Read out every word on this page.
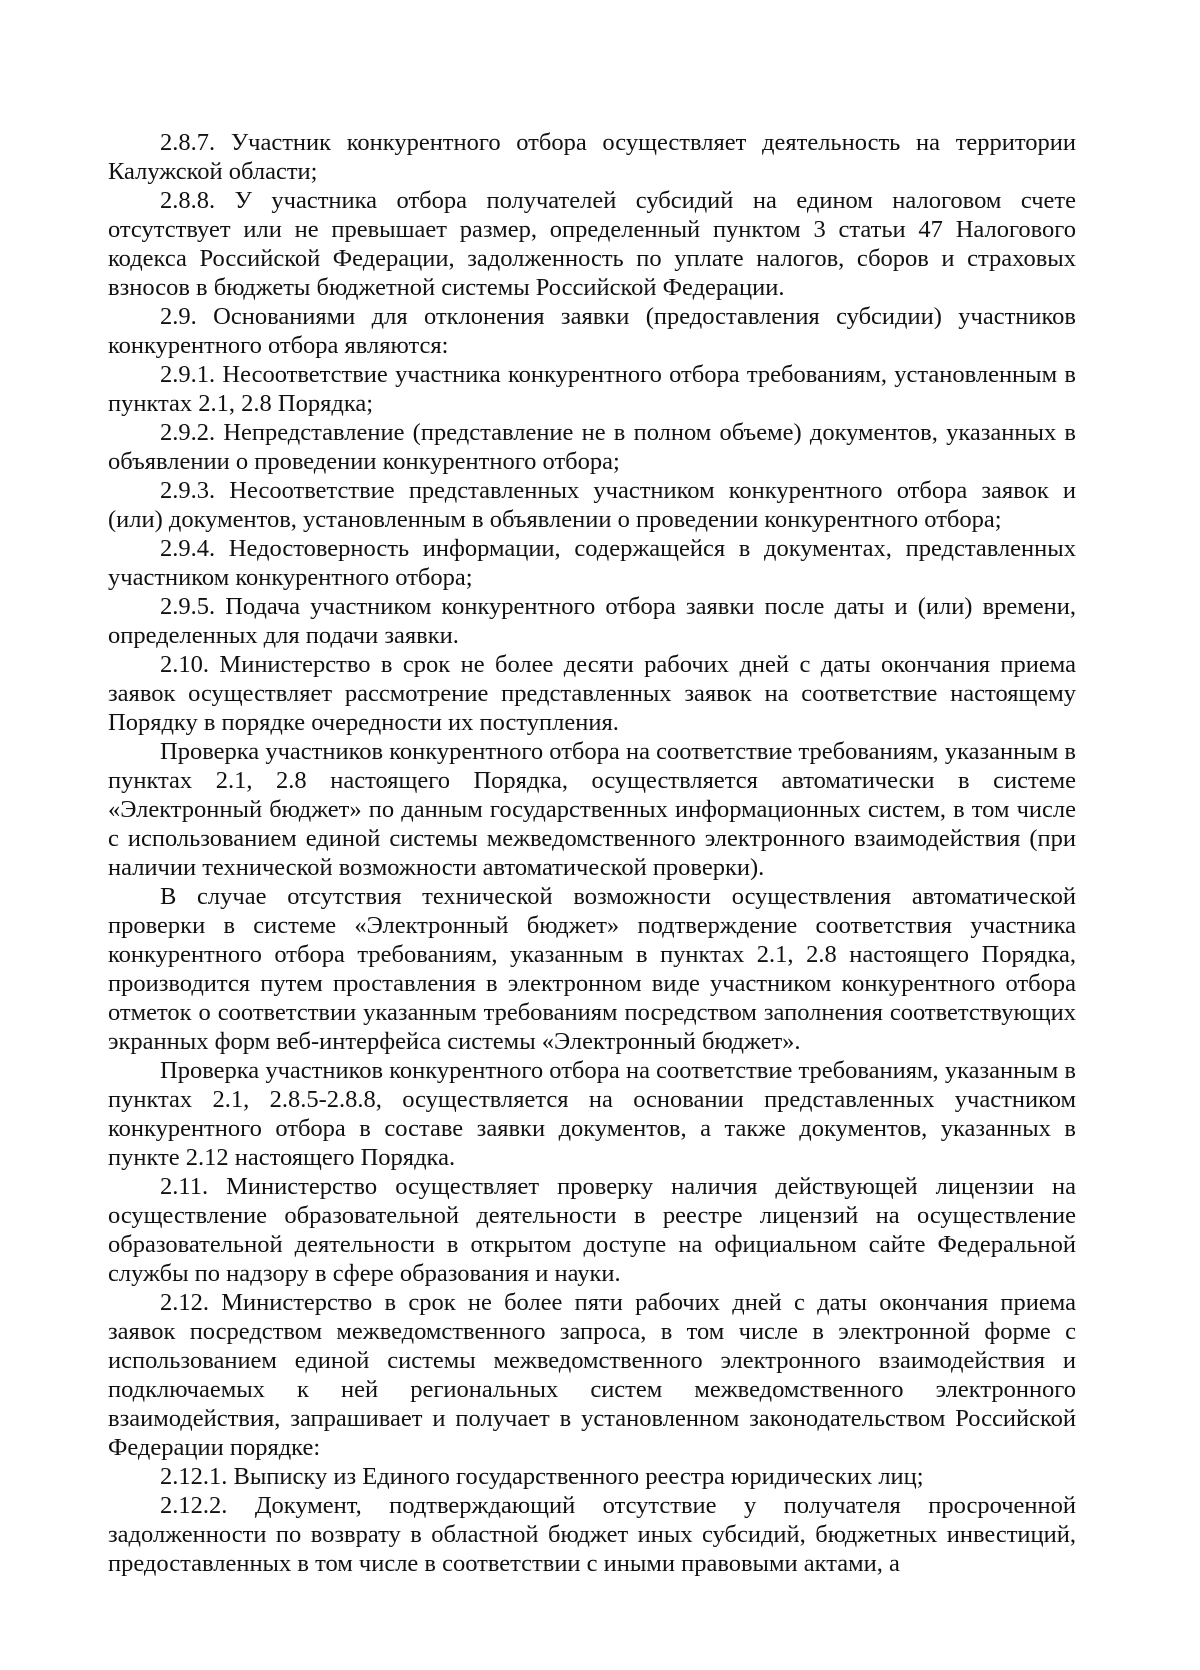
2.8.7. Участник конкурентного отбора осуществляет деятельность на территории Калужской области;

2.8.8. У участника отбора получателей субсидий на едином налоговом счете отсутствует или не превышает размер, определенный пунктом 3 статьи 47 Налогового кодекса Российской Федерации, задолженность по уплате налогов, сборов и страховых взносов в бюджеты бюджетной системы Российской Федерации.

2.9. Основаниями для отклонения заявки (предоставления субсидии) участников конкурентного отбора являются:

2.9.1. Несоответствие участника конкурентного отбора требованиям, установленным в пунктах 2.1, 2.8 Порядка;

2.9.2. Непредставление (представление не в полном объеме) документов, указанных в объявлении о проведении конкурентного отбора;

2.9.3. Несоответствие представленных участником конкурентного отбора заявок и (или) документов, установленным в объявлении о проведении конкурентного отбора;

2.9.4. Недостоверность информации, содержащейся в документах, представленных участником конкурентного отбора;

2.9.5. Подача участником конкурентного отбора заявки после даты и (или) времени, определенных для подачи заявки.

2.10. Министерство в срок не более десяти рабочих дней с даты окончания приема заявок осуществляет рассмотрение представленных заявок на соответствие настоящему Порядку в порядке очередности их поступления.

Проверка участников конкурентного отбора на соответствие требованиям, указанным в пунктах 2.1, 2.8 настоящего Порядка, осуществляется автоматически в системе «Электронный бюджет» по данным государственных информационных систем, в том числе с использованием единой системы межведомственного электронного взаимодействия (при наличии технической возможности автоматической проверки).

В случае отсутствия технической возможности осуществления автоматической проверки в системе «Электронный бюджет» подтверждение соответствия участника конкурентного отбора требованиям, указанным в пунктах 2.1, 2.8 настоящего Порядка, производится путем проставления в электронном виде участником конкурентного отбора отметок о соответствии указанным требованиям посредством заполнения соответствующих экранных форм веб-интерфейса системы «Электронный бюджет».

Проверка участников конкурентного отбора на соответствие требованиям, указанным в пунктах 2.1, 2.8.5-2.8.8, осуществляется на основании представленных участником конкурентного отбора в составе заявки документов, а также документов, указанных в пункте 2.12 настоящего Порядка.

2.11. Министерство осуществляет проверку наличия действующей лицензии на осуществление образовательной деятельности в реестре лицензий на осуществление образовательной деятельности в открытом доступе на официальном сайте Федеральной службы по надзору в сфере образования и науки.

2.12. Министерство в срок не более пяти рабочих дней с даты окончания приема заявок посредством межведомственного запроса, в том числе в электронной форме с использованием единой системы межведомственного электронного взаимодействия и подключаемых к ней региональных систем межведомственного электронного взаимодействия, запрашивает и получает в установленном законодательством Российской Федерации порядке:

2.12.1. Выписку из Единого государственного реестра юридических лиц;

2.12.2. Документ, подтверждающий отсутствие у получателя просроченной задолженности по возврату в областной бюджет иных субсидий, бюджетных инвестиций, предоставленных в том числе в соответствии с иными правовыми актами, а
